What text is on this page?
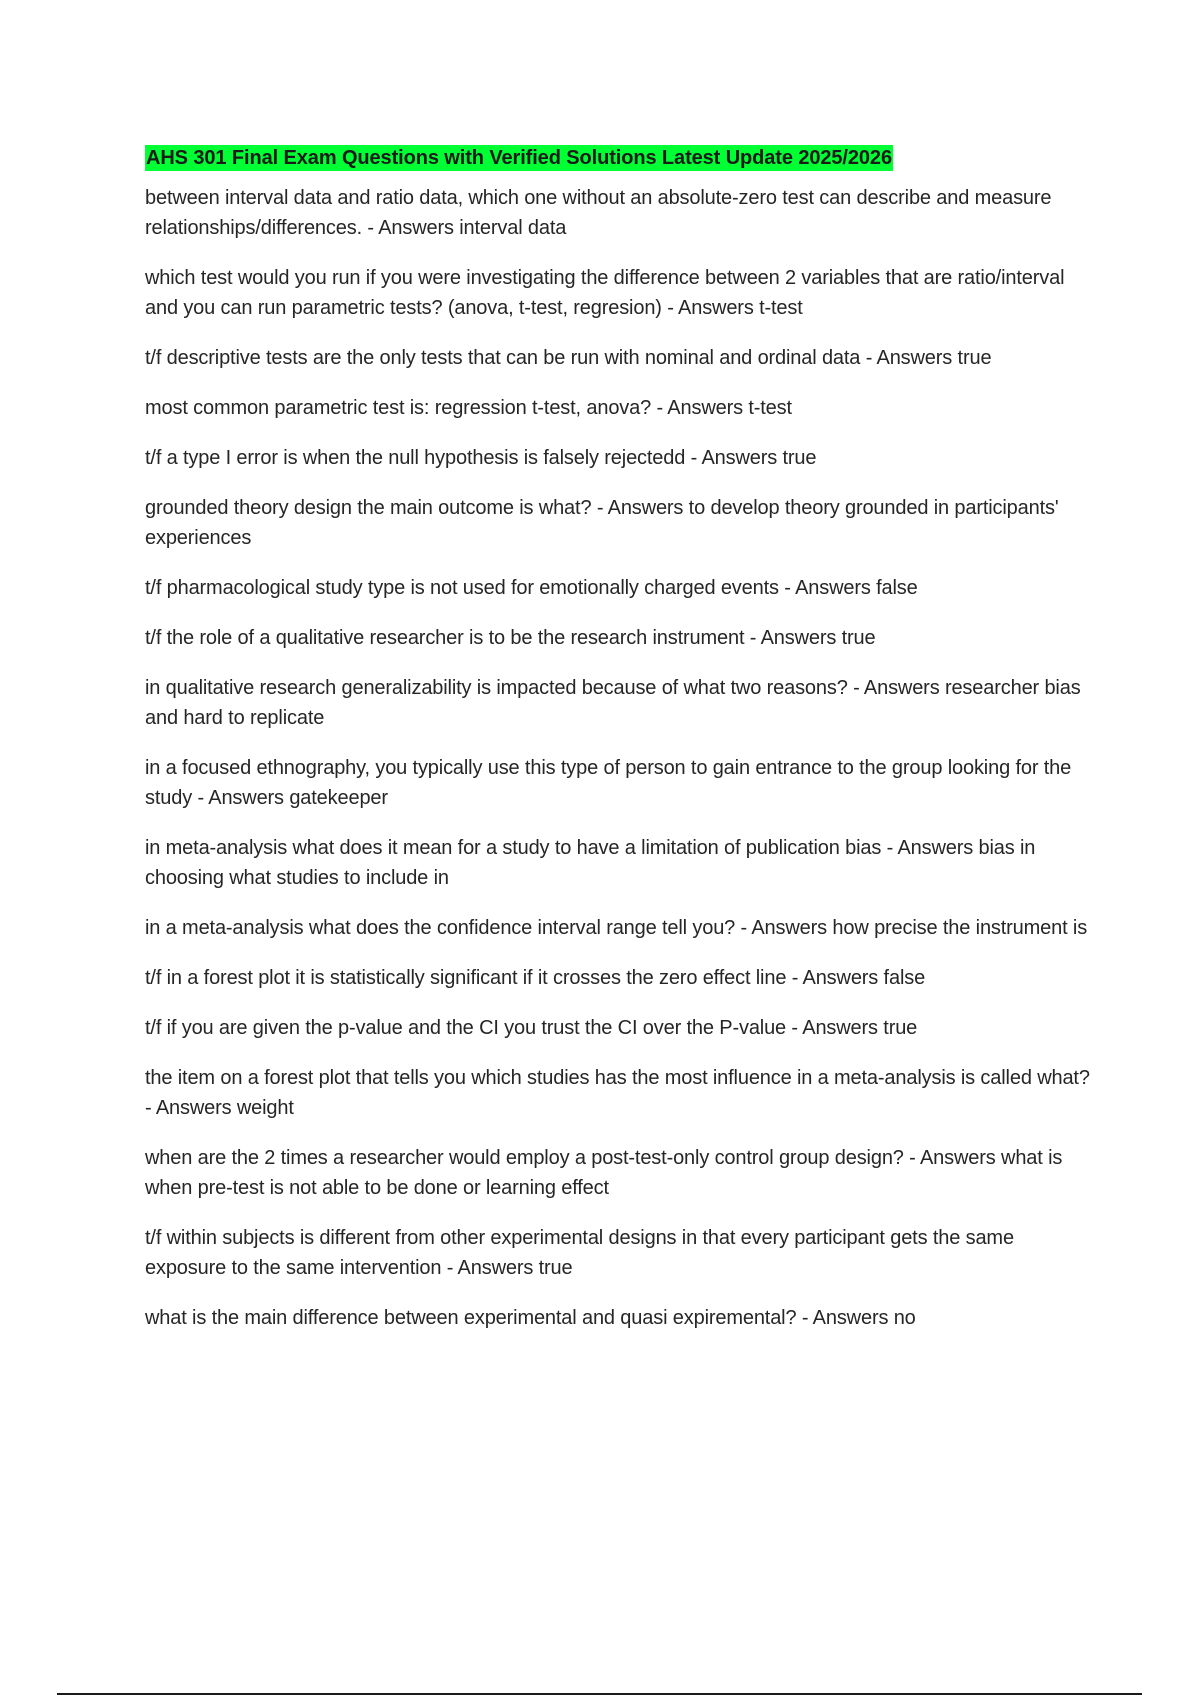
AHS 301 Final Exam Questions with Verified Solutions Latest Update 2025/2026
between interval data and ratio data, which one without an absolute-zero test can describe and measure relationships/differences. - Answers interval data
which test would you run if you were investigating the difference between 2 variables that are ratio/interval and you can run parametric tests? (anova, t-test, regresion) - Answers t-test
t/f descriptive tests are the only tests that can be run with nominal and ordinal data - Answers true
most common parametric test is: regression t-test, anova? - Answers t-test
t/f a type I error is when the null hypothesis is falsely rejectedd - Answers true
grounded theory design the main outcome is what? - Answers to develop theory grounded in participants' experiences
t/f pharmacological study type is not used for emotionally charged events - Answers false
t/f the role of a qualitative researcher is to be the research instrument - Answers true
in qualitative research generalizability is impacted because of what two reasons? - Answers researcher bias and hard to replicate
in a focused ethnography, you typically use this type of person to gain entrance to the group looking for the study - Answers gatekeeper
in meta-analysis what does it mean for a study to have a limitation of publication bias - Answers bias in choosing what studies to include in
in a meta-analysis what does the confidence interval range tell you? - Answers how precise the instrument is
t/f in a forest plot it is statistically significant if it crosses the zero effect line - Answers false
t/f if you are given the p-value and the CI you trust the CI over the P-value - Answers true
the item on a forest plot that tells you which studies has the most influence in a meta-analysis is called what? - Answers weight
when are the 2 times a researcher would employ a post-test-only control group design? - Answers what is when pre-test is not able to be done or learning effect
t/f within subjects is different from other experimental designs in that every participant gets the same exposure to the same intervention - Answers true
what is the main difference between experimental and quasi expiremental? - Answers no
